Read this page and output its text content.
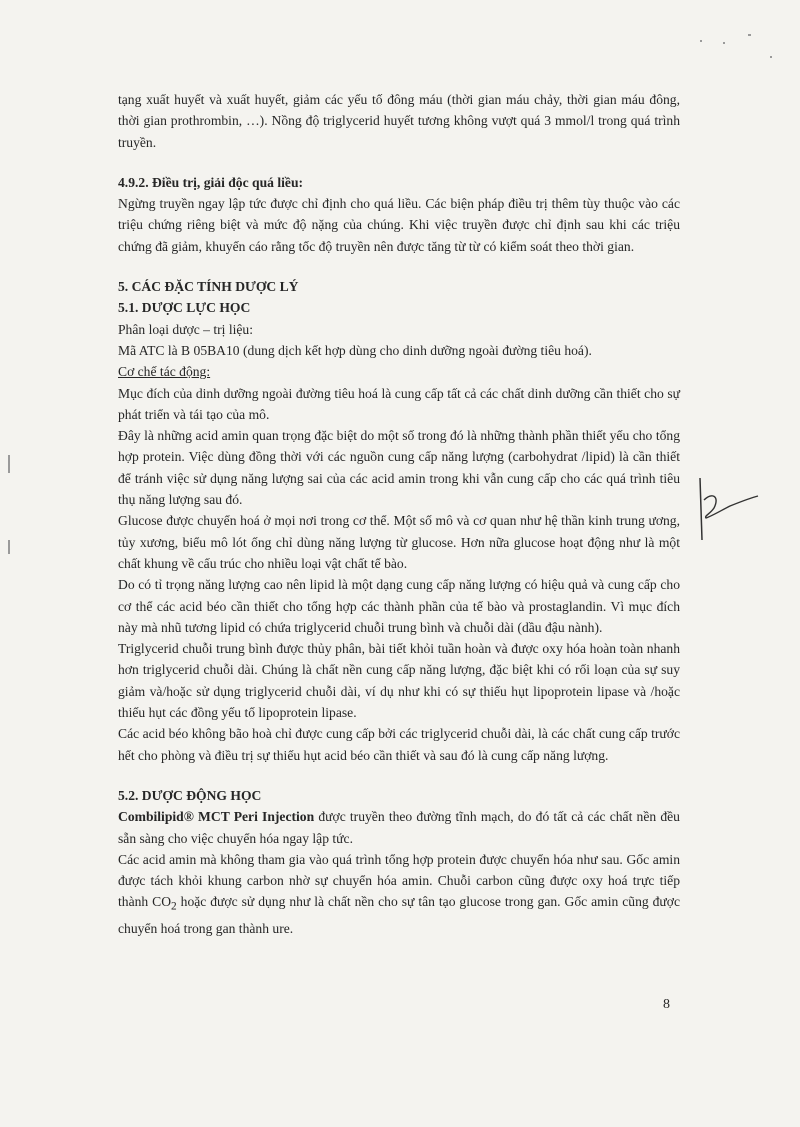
tạng xuất huyết và xuất huyết, giảm các yếu tố đông máu (thời gian máu chảy, thời gian máu đông, thời gian prothrombin, …). Nồng độ triglycerid huyết tương không vượt quá 3 mmol/l trong quá trình truyền.

4.9.2. Điều trị, giải độc quá liều:

Ngừng truyền ngay lập tức được chỉ định cho quá liều. Các biện pháp điều trị thêm tùy thuộc vào các triệu chứng riêng biệt và mức độ nặng của chúng. Khi việc truyền được chỉ định sau khi các triệu chứng đã giảm, khuyến cáo rằng tốc độ truyền nên được tăng từ từ có kiểm soát theo thời gian.

5. CÁC ĐẶC TÍNH DƯỢC LÝ

5.1. DƯỢC LỰC HỌC

Phân loại dược – trị liệu:

Mã ATC là B 05BA10 (dung dịch kết hợp dùng cho dinh dưỡng ngoài đường tiêu hoá).

Cơ chế tác động:

Mục đích của dinh dưỡng ngoài đường tiêu hoá là cung cấp tất cả các chất dinh dưỡng cần thiết cho sự phát triển và tái tạo của mô.

Đây là những acid amin quan trọng đặc biệt do một số trong đó là những thành phần thiết yếu cho tổng hợp protein. Việc dùng đồng thời với các nguồn cung cấp năng lượng (carbohydrat /lipid) là cần thiết để tránh việc sử dụng năng lượng sai của các acid amin trong khi vẫn cung cấp cho các quá trình tiêu thụ năng lượng sau đó.

Glucose được chuyển hoá ở mọi nơi trong cơ thể. Một số mô và cơ quan như hệ thần kinh trung ương, tủy xương, biểu mô lót ống chỉ dùng năng lượng từ glucose. Hơn nữa glucose hoạt động như là một chất khung về cấu trúc cho nhiều loại vật chất tế bào.

Do có tỉ trọng năng lượng cao nên lipid là một dạng cung cấp năng lượng có hiệu quả và cung cấp cho cơ thể các acid béo cần thiết cho tổng hợp các thành phần của tế bào và prostaglandin. Vì mục đích này mà nhũ tương lipid có chứa triglycerid chuỗi trung bình và chuỗi dài (dầu đậu nành).

Triglycerid chuỗi trung bình được thủy phân, bài tiết khỏi tuần hoàn và được oxy hóa hoàn toàn nhanh hơn triglycerid chuỗi dài. Chúng là chất nền cung cấp năng lượng, đặc biệt khi có rối loạn của sự suy giảm và/hoặc sử dụng triglycerid chuỗi dài, ví dụ như khi có sự thiếu hụt lipoprotein lipase và /hoặc thiếu hụt các đồng yếu tố lipoprotein lipase.

Các acid béo không bão hoà chỉ được cung cấp bởi các triglycerid chuỗi dài, là các chất cung cấp trước hết cho phòng và điều trị sự thiếu hụt acid béo cần thiết và sau đó là cung cấp năng lượng.

5.2. DƯỢC ĐỘNG HỌC

Combilipid® MCT Peri Injection được truyền theo đường tĩnh mạch, do đó tất cả các chất nền đều sẵn sàng cho việc chuyển hóa ngay lập tức.

Các acid amin mà không tham gia vào quá trình tổng hợp protein được chuyển hóa như sau. Gốc amin được tách khỏi khung carbon nhờ sự chuyển hóa amin. Chuỗi carbon cũng được oxy hoá trực tiếp thành $CO_2$ hoặc được sử dụng như là chất nền cho sự tân tạo glucose trong gan. Gốc amin cũng được chuyển hoá trong gan thành ure.

8
